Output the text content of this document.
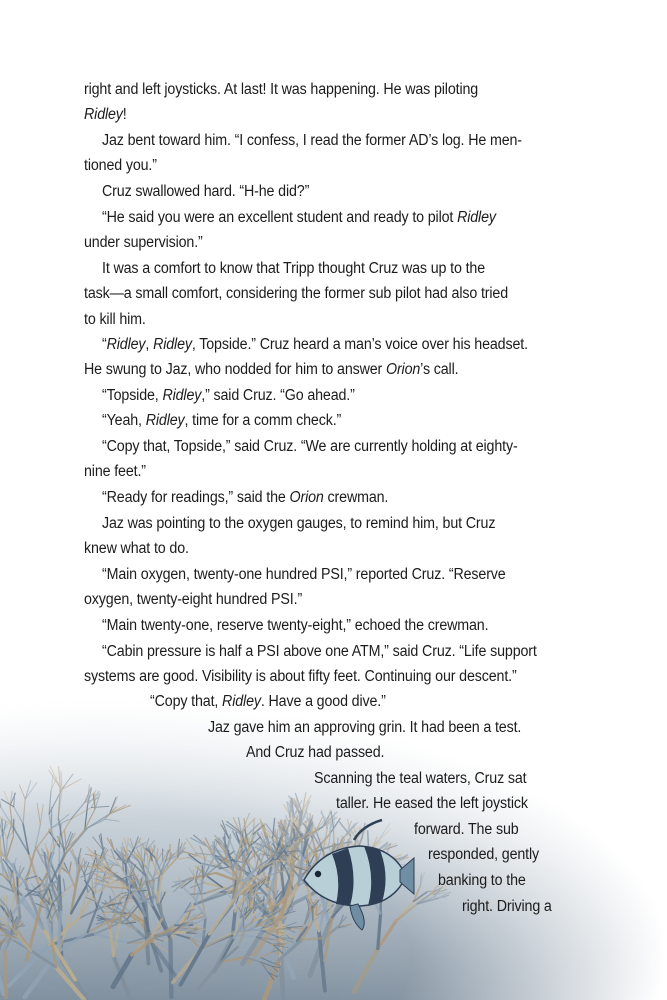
right and left joysticks. At last! It was happening. He was piloting
Ridley!
Jaz bent toward him. “I confess, I read the former AD’s log. He men-
tioned you.”
Cruz swallowed hard. “H-he did?”
“He said you were an excellent student and ready to pilot Ridley
under supervision.”
It was a comfort to know that Tripp thought Cruz was up to the
task—a small comfort, considering the former sub pilot had also tried
to kill him.
“Ridley, Ridley, Topside.” Cruz heard a man’s voice over his headset.
He swung to Jaz, who nodded for him to answer Orion’s call.
“Topside, Ridley,” said Cruz. “Go ahead.”
“Yeah, Ridley, time for a comm check.”
“Copy that, Topside,” said Cruz. “We are currently holding at eighty-
nine feet.”
“Ready for readings,” said the Orion crewman.
Jaz was pointing to the oxygen gauges, to remind him, but Cruz
knew what to do.
“Main oxygen, twenty-one hundred PSI,” reported Cruz. “Reserve
oxygen, twenty-eight hundred PSI.”
“Main twenty-one, reserve twenty-eight,” echoed the crewman.
“Cabin pressure is half a PSI above one ATM,” said Cruz. “Life support
systems are good. Visibility is about fifty feet. Continuing our descent.”
“Copy that, Ridley. Have a good dive.”
Jaz gave him an approving grin. It had been a test.
And Cruz had passed.
Scanning the teal waters, Cruz sat
taller. He eased the left joystick
forward. The sub
responded, gently
banking to the
right. Driving a
